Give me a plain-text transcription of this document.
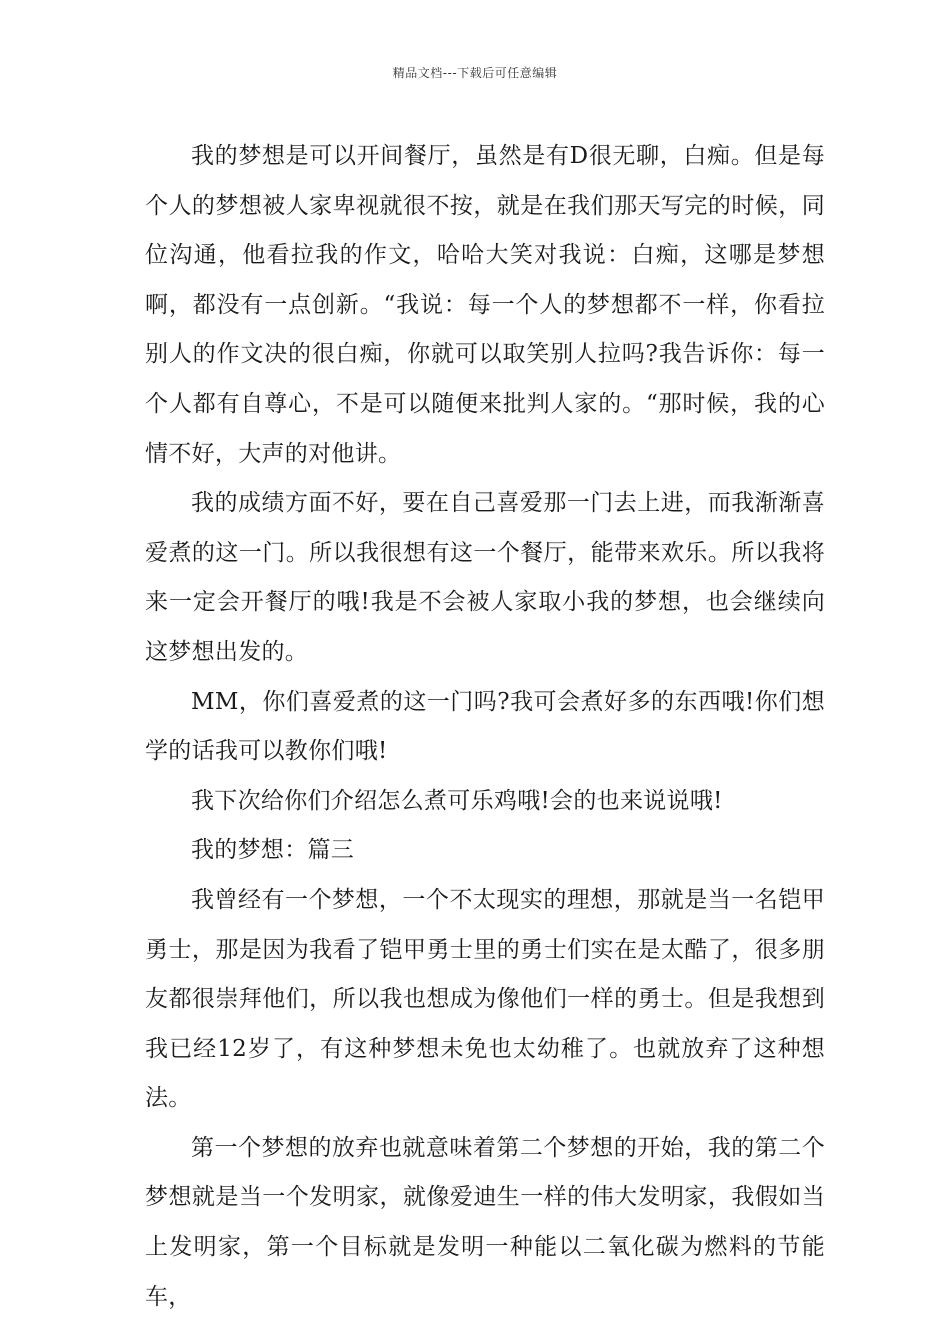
精品文档---下载后可任意编辑

我的梦想是可以开间餐厅，虽然是有D很无聊，白痴。但是每个人的梦想被人家卑视就很不按，就是在我们那天写完的时候，同位沟通，他看拉我的作文，哈哈大笑对我说：白痴，这哪是梦想啊，都没有一点创新。“我说：每一个人的梦想都不一样，你看拉别人的作文决的很白痴，你就可以取笑别人拉吗?我告诉你：每一个人都有自尊心，不是可以随便来批判人家的。“那时候，我的心情不好，大声的对他讲。

我的成绩方面不好，要在自己喜爱那一门去上进，而我渐渐喜爱煮的这一门。所以我很想有这一个餐厅，能带来欢乐。所以我将来一定会开餐厅的哦!我是不会被人家取小我的梦想，也会继续向这梦想出发的。

MM，你们喜爱煮的这一门吗?我可会煮好多的东西哦!你们想学的话我可以教你们哦!

我下次给你们介绍怎么煮可乐鸡哦!会的也来说说哦!

我的梦想：篇三

我曾经有一个梦想，一个不太现实的理想，那就是当一名铠甲勇士，那是因为我看了铠甲勇士里的勇士们实在是太酷了，很多朋友都很崇拜他们，所以我也想成为像他们一样的勇士。但是我想到我已经12岁了，有这种梦想未免也太幼稚了。也就放弃了这种想法。

第一个梦想的放弃也就意味着第二个梦想的开始，我的第二个梦想就是当一个发明家，就像爱迪生一样的伟大发明家，我假如当上发明家，第一个目标就是发明一种能以二氧化碳为燃料的节能车，
